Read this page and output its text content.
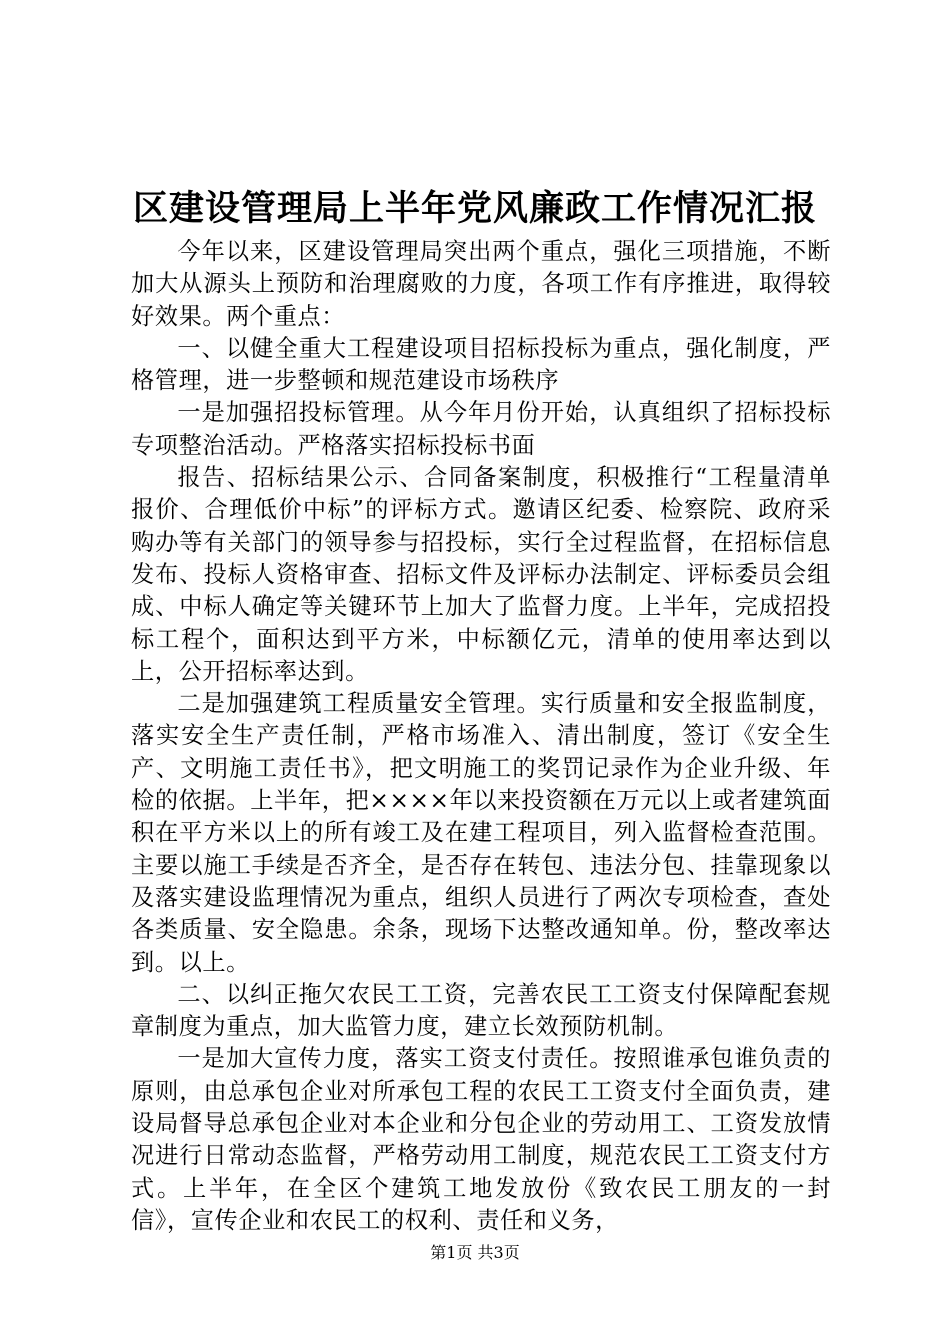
区建设管理局上半年党风廉政工作情况汇报

今年以来，区建设管理局突出两个重点，强化三项措施，不断加大从源头上预防和治理腐败的力度，各项工作有序推进，取得较好效果。两个重点：

一、以健全重大工程建设项目招标投标为重点，强化制度，严格管理，进一步整顿和规范建设市场秩序

一是加强招投标管理。从今年月份开始，认真组织了招标投标专项整治活动。严格落实招标投标书面

报告、招标结果公示、合同备案制度，积极推行“工程量清单报价、合理低价中标”的评标方式。邀请区纪委、检察院、政府采购办等有关部门的领导参与招投标，实行全过程监督，在招标信息发布、投标人资格审查、招标文件及评标办法制定、评标委员会组成、中标人确定等关键环节上加大了监督力度。上半年，完成招投标工程个，面积达到平方米，中标额亿元，清单的使用率达到以上，公开招标率达到。

二是加强建筑工程质量安全管理。实行质量和安全报监制度，落实安全生产责任制，严格市场准入、清出制度，签订《安全生产、文明施工责任书》，把文明施工的奖罚记录作为企业升级、年检的依据。上半年，把××××年以来投资额在万元以上或者建筑面积在平方米以上的所有竣工及在建工程项目，列入监督检查范围。主要以施工手续是否齐全，是否存在转包、违法分包、挂靠现象以及落实建设监理情况为重点，组织人员进行了两次专项检查，查处各类质量、安全隐患。余条，现场下达整改通知单。份，整改率达到。以上。

二、以纠正拖欠农民工工资，完善农民工工资支付保障配套规章制度为重点，加大监管力度，建立长效预防机制。

一是加大宣传力度，落实工资支付责任。按照谁承包谁负责的原则，由总承包企业对所承包工程的农民工工资支付全面负责，建设局督导总承包企业对本企业和分包企业的劳动用工、工资发放情况进行日常动态监督，严格劳动用工制度，规范农民工工资支付方式。上半年，在全区个建筑工地发放份《致农民工朋友的一封信》，宣传企业和农民工的权利、责任和义务，

第1页 共3页
